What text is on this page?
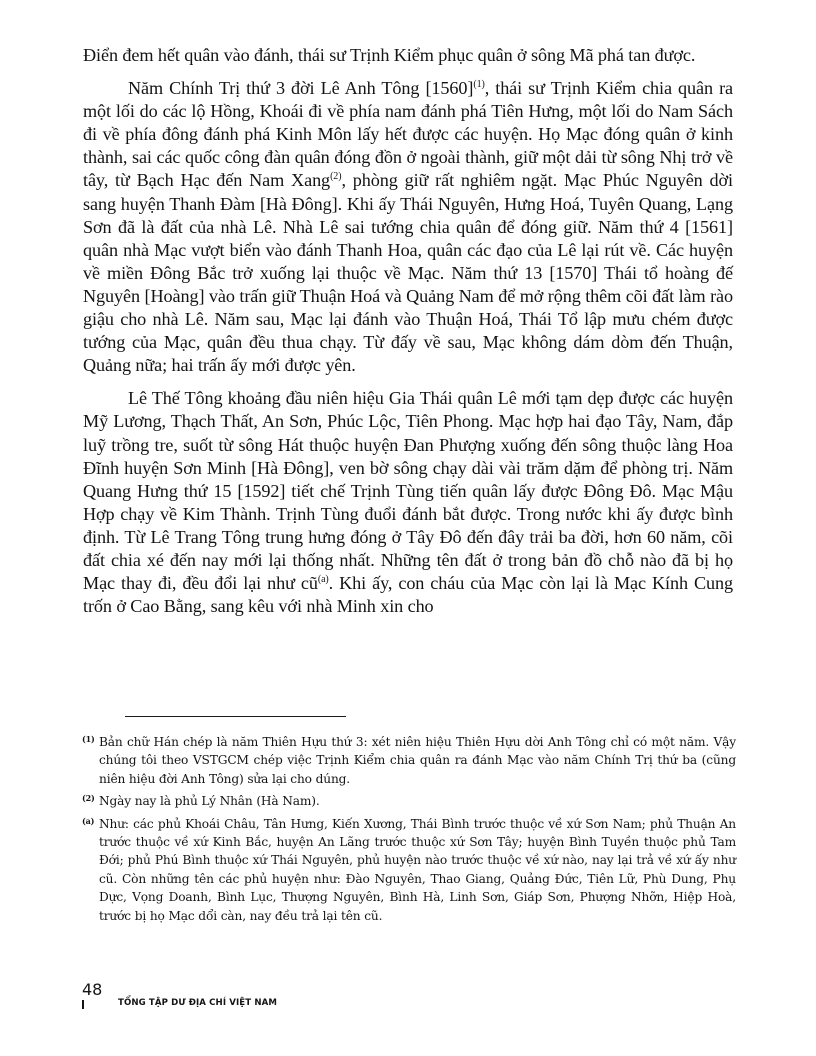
Điển đem hết quân vào đánh, thái sư Trịnh Kiểm phục quân ở sông Mã phá tan được.

Năm Chính Trị thứ 3 đời Lê Anh Tông [1560]$^{(1)}$, thái sư Trịnh Kiểm chia quân ra một lối do các lộ Hồng, Khoái đi về phía nam đánh phá Tiên Hưng, một lối do Nam Sách đi về phía đông đánh phá Kinh Môn lấy hết được các huyện. Họ Mạc đóng quân ở kinh thành, sai các quốc công đàn quân đóng đồn ở ngoài thành, giữ một dải từ sông Nhị trở về tây, từ Bạch Hạc đến Nam Xang$^{(2)}$, phòng giữ rất nghiêm ngặt. Mạc Phúc Nguyên dời sang huyện Thanh Đàm [Hà Đông]. Khi ấy Thái Nguyên, Hưng Hoá, Tuyên Quang, Lạng Sơn đã là đất của nhà Lê. Nhà Lê sai tướng chia quân để đóng giữ. Năm thứ 4 [1561] quân nhà Mạc vượt biển vào đánh Thanh Hoa, quân các đạo của Lê lại rút về. Các huyện về miền Đông Bắc trở xuống lại thuộc về Mạc. Năm thứ 13 [1570] Thái tổ hoàng đế Nguyên [Hoàng] vào trấn giữ Thuận Hoá và Quảng Nam để mở rộng thêm cõi đất làm rào giậu cho nhà Lê. Năm sau, Mạc lại đánh vào Thuận Hoá, Thái Tổ lập mưu chém được tướng của Mạc, quân đều thua chạy. Từ đấy về sau, Mạc không dám dòm đến Thuận, Quảng nữa; hai trấn ấy mới được yên.

Lê Thế Tông khoảng đầu niên hiệu Gia Thái quân Lê mới tạm dẹp được các huyện Mỹ Lương, Thạch Thất, An Sơn, Phúc Lộc, Tiên Phong. Mạc hợp hai đạo Tây, Nam, đắp luỹ trồng tre, suốt từ sông Hát thuộc huyện Đan Phượng xuống đến sông thuộc làng Hoa Đĩnh huyện Sơn Minh [Hà Đông], ven bờ sông chạy dài vài trăm dặm để phòng trị. Năm Quang Hưng thứ 15 [1592] tiết chế Trịnh Tùng tiến quân lấy được Đông Đô. Mạc Mậu Hợp chạy về Kim Thành. Trịnh Tùng đuổi đánh bắt được. Trong nước khi ấy được bình định. Từ Lê Trang Tông trung hưng đóng ở Tây Đô đến đây trải ba đời, hơn 60 năm, cõi đất chia xé đến nay mới lại thống nhất. Những tên đất ở trong bản đồ chỗ nào đã bị họ Mạc thay đi, đều đổi lại như cũ$^{(a)}$. Khi ấy, con cháu của Mạc còn lại là Mạc Kính Cung trốn ở Cao Bằng, sang kêu với nhà Minh xin cho

(1) Bản chữ Hán chép là năm Thiên Hựu thứ 3: xét niên hiệu Thiên Hựu dời Anh Tông chỉ có một năm. Vậy chúng tôi theo VSTGCM chép việc Trịnh Kiểm chia quân ra đánh Mạc vào năm Chính Trị thứ ba (cũng niên hiệu đời Anh Tông) sửa lại cho dúng.
(2) Ngày nay là phủ Lý Nhân (Hà Nam).
(a) Như: các phủ Khoái Châu, Tân Hưng, Kiến Xương, Thái Bình trước thuộc về xứ Sơn Nam; phủ Thuận An trước thuộc về xứ Kinh Bắc, huyện An Lãng trước thuộc xứ Sơn Tây; huyện Bình Tuyền thuộc phủ Tam Đới; phủ Phú Bình thuộc xứ Thái Nguyên, phủ huyện nào trước thuộc về xứ nào, nay lại trả về xứ ấy như cũ. Còn những tên các phủ huyện như: Đào Nguyên, Thao Giang, Quảng Đức, Tiên Lữ, Phù Dung, Phụ Dực, Vọng Doanh, Bình Lục, Thượng Nguyên, Bình Hà, Linh Sơn, Giáp Sơn, Phượng Nhỡn, Hiệp Hoà, trước bị họ Mạc dổi càn, nay đều trả lại tên cũ.
48
TỔNG TẬP DƯ ĐỊA CHÍ VIỆT NAM
